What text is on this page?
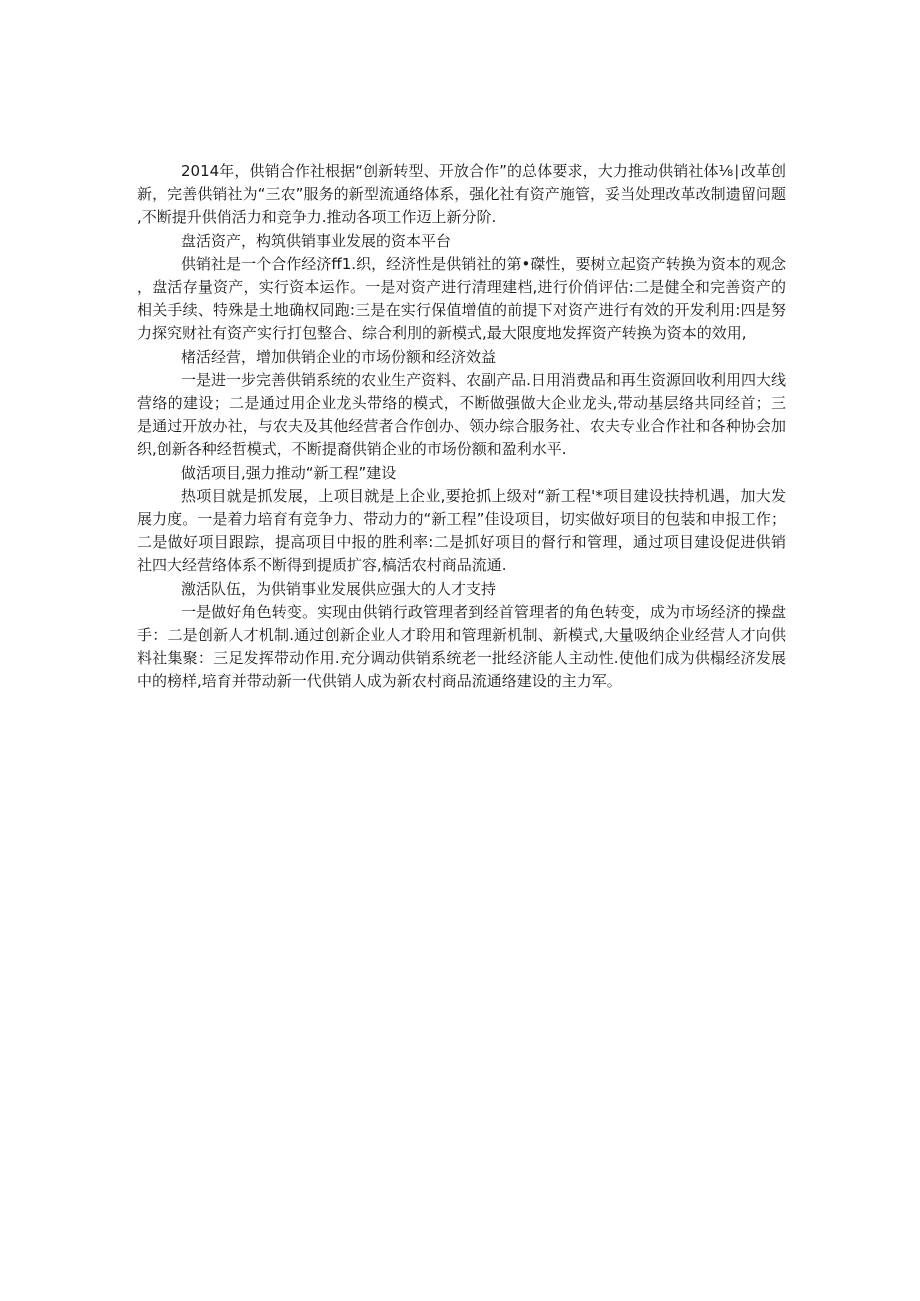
2014年，供销合作社根据“创新转型、开放合作”的总体要求，大力推动供销社体⅛∣改革创新，完善供销社为“三农”服务的新型流通络体系，强化社有资产施管，妥当处理改革改制遗留问题,不断提升供俏活力和竞争力.推动各项工作迈上新分阶.

盘活资产，构筑供销事业发展的资本平台

供销社是一个合作经济ff1.织，经济性是供销社的第•磔性，要树立起资产转换为资本的观念，盘活存量资产，实行资本运作。一是对资产进行清理建档,进行价俏评估:二是健全和完善资产的相关手续、特殊是土地确权同跑:三是在实行保值增值的前提下对资产进行有效的开发利用:四是努力探究财社有资产实行打包整合、综合利刖的新模式,最大限度地发挥资产转换为资本的效用,

楮活经营，增加供销企业的市场份额和经济效益

一是进一步完善供销系统的农业生产资料、农副产品.日用消费品和再生资源回收利用四大线营络的建设；二是通过用企业龙头带络的模式，不断做强做大企业龙头,带动基层络共同经首；三是通过开放办社，与农夫及其他经营者合作创办、领办综合服务社、农夫专业合作社和各种协会加织,创新各种经哲模式，不断提裔供销企业的市场份额和盈利水平.

做活项目,强力推动“新工程”建设

热项目就是抓发展，上项目就是上企业,要抢抓上级对“新工程'*项目建设扶持机遇，加大发展力度。一是着力培育有竞争力、带动力的“新工程”佳设项目，切实做好项目的包装和申报工作；二是做好项目跟踪，提高项目中报的胜利率:二是抓好项目的督行和管理，通过项目建设促进供销社四大经营络体系不断得到提质扩容,槁活农村商品流通.

激活队伍，为供销事业发展供应强大的人才支持

一是做好角色转变。实现由供销行政管理者到经首管理者的角色转变，成为市场经济的操盘手：二是创新人才机制.通过创新企业人才聆用和管理新机制、新模式,大量吸纳企业经营人才向供料社集聚：三足发挥带动作用.充分调动供销系统老一批经济能人主动性.使他们成为供榻经济发展中的榜样,培育并带动新一代供销人成为新农村商品流通络建设的主力军。
